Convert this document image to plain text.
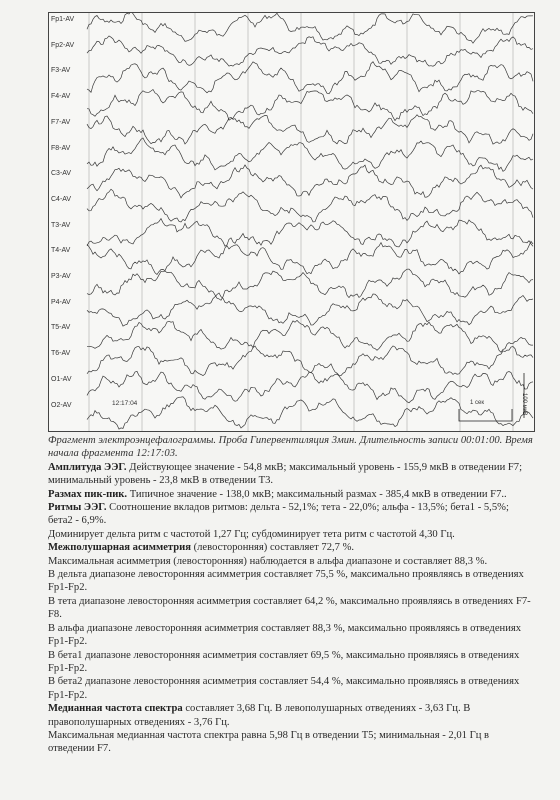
Fp1-AV
Fp2-AV
F3-AV
F4-AV
F7-AV
F8-AV
C3-AV
C4-AV
T3-AV
T4-AV
P3-AV
P4-AV
T5-AV
T6-AV
O1-AV
O2-AV	12:17:04	1 сек	100 мкВ

Фрагмент электроэнцефалограммы. Проба Гипервентиляция 3мин. Длительность записи 00:01:00. Время начала фрагмента 12:17:03.

Амплитуда ЭЭГ. Действующее значение - 54,8 мкВ; максимальный уровень - 155,9 мкВ в отведении F7; минимальный уровень - 23,8 мкВ в отведении Т3.

Размах пик-пик. Типичное значение - 138,0 мкВ; максимальный размах - 385,4 мкВ в отведении F7..

Ритмы ЭЭГ. Соотношение вкладов ритмов: дельта - 52,1%; тета - 22,0%; альфа - 13,5%; бета1 - 5,5%; бета2 - 6,9%.

Доминирует дельта ритм с частотой 1,27 Гц; субдоминирует тета ритм с частотой 4,30 Гц.

Межполушарная асимметрия (левосторонняя) составляет 72,7 %.

Максимальная асимметрия (левосторонняя) наблюдается в альфа диапазоне и составляет 88,3 %.

В дельта диапазоне левосторонняя асимметрия составляет 75,5 %, максимально проявляясь в отведениях Fp1-Fp2.

В тета диапазоне левосторонняя асимметрия составляет 64,2 %, максимально проявляясь в отведениях F7-F8.

В альфа диапазоне левосторонняя асимметрия составляет 88,3 %, максимально проявляясь в отведениях Fp1-Fp2.

В бета1 диапазоне левосторонняя асимметрия составляет 69,5 %, максимально проявляясь в отведениях Fp1-Fp2.

В бета2 диапазоне левосторонняя асимметрия составляет 54,4 %, максимально проявляясь в отведениях Fp1-Fp2.

Медианная частота спектра составляет 3,68 Гц. В левополушарных отведениях - 3,63 Гц. В правополушарных отведениях - 3,76 Гц.

Максимальная медианная частота спектра равна 5,98 Гц в отведении Т5; минимальная - 2,01 Гц в отведении F7.
